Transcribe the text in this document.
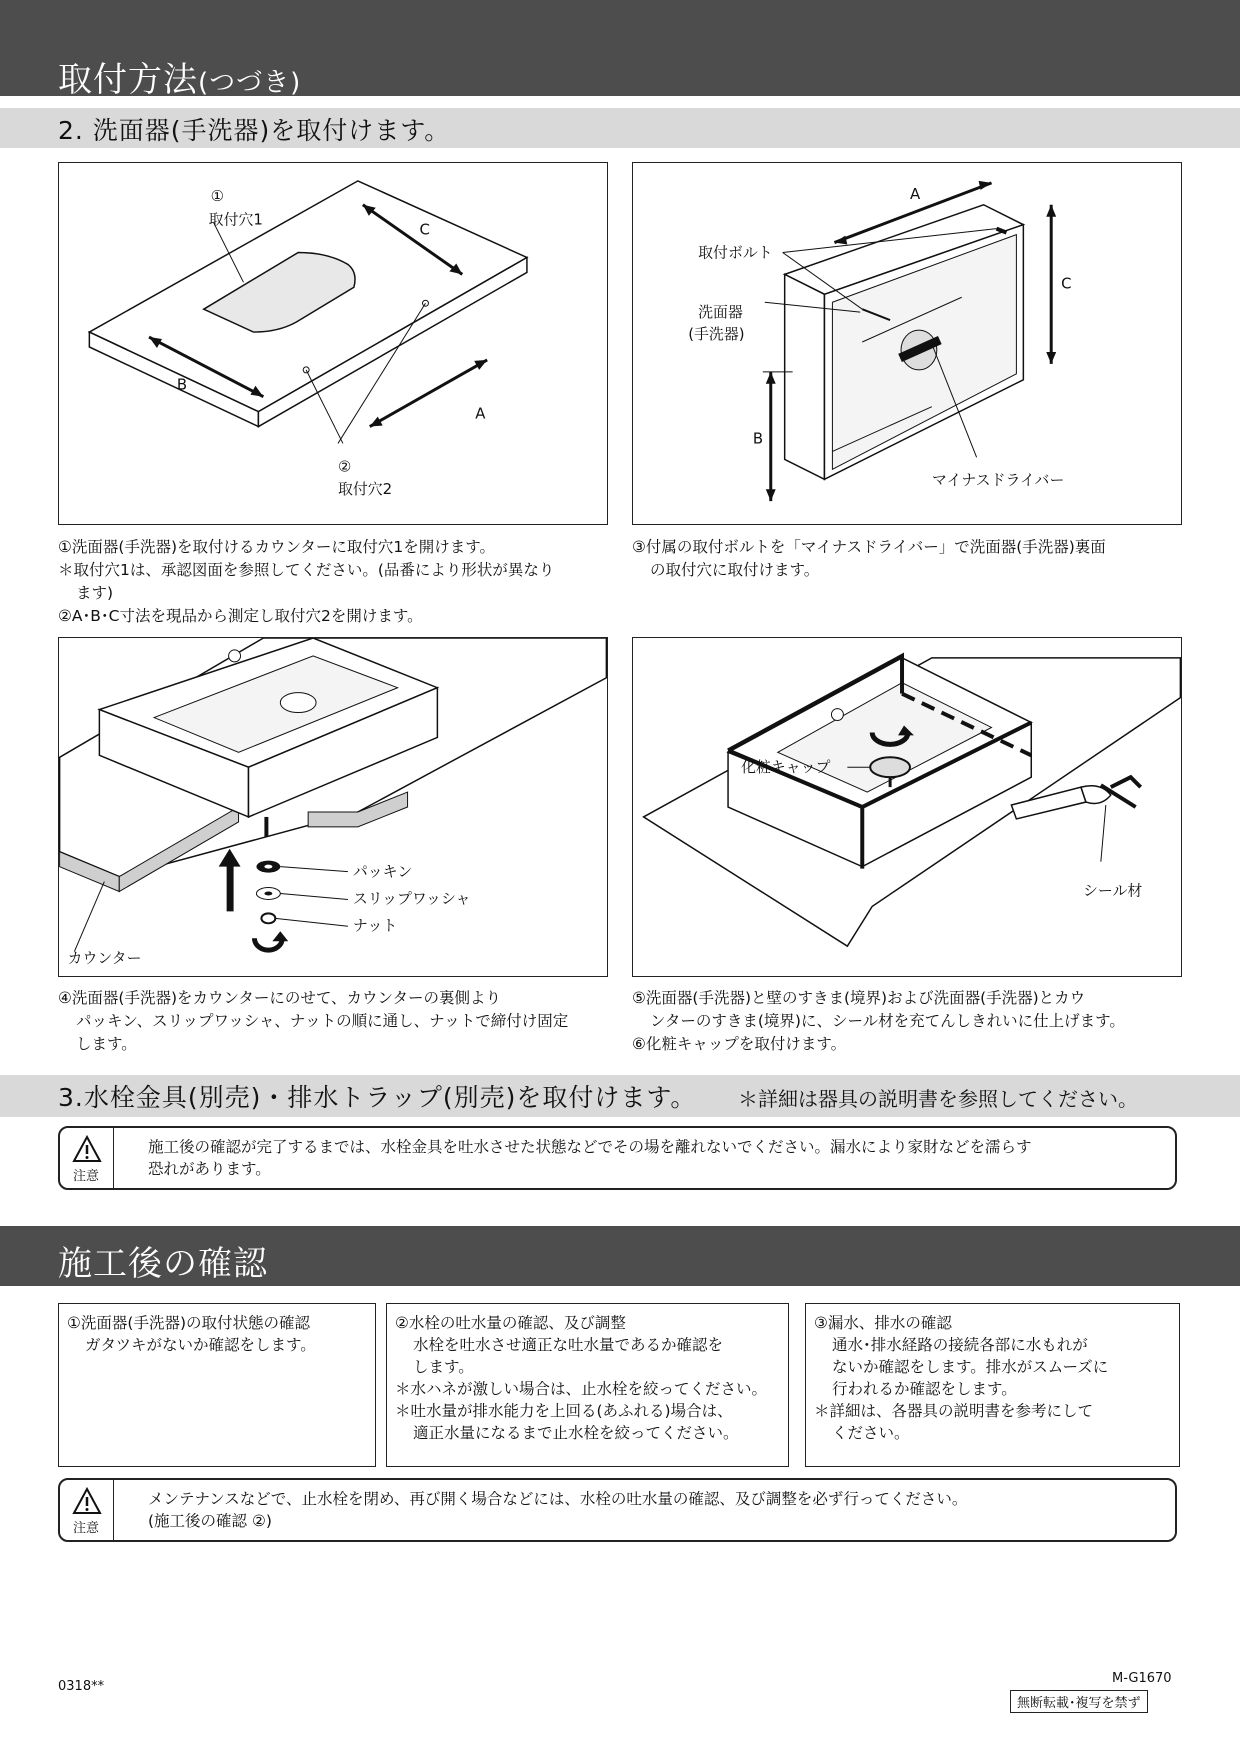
取付方法(つづき)
2. 洗面器(手洗器)を取付けます。
①
取付穴1
②
取付穴2
C
B
A
A
C
B
取付ボルト
洗面器
(手洗器)
マイナスドライバー

①洗面器(手洗器)を取付けるカウンターに取付穴1を開けます。

＊取付穴1は、承認図面を参照してください。(品番により形状が異なり

ます)

②A･B･C寸法を現品から測定し取付穴2を開けます。

③付属の取付ボルトを「マイナスドライバー」で洗面器(手洗器)裏面

の取付穴に取付けます。

パッキン
スリップワッシャ
ナット
カウンター
化粧キャップ
シール材

④洗面器(手洗器)をカウンターにのせて、カウンターの裏側より

パッキン、スリップワッシャ、ナットの順に通し、ナットで締付け固定

します。

⑤洗面器(手洗器)と壁のすきま(境界)および洗面器(手洗器)とカウ

ンターのすきま(境界)に、シール材を充てんしきれいに仕上げます。

⑥化粧キャップを取付けます。

3.水栓金具(別売)・排水トラップ(別売)を取付けます。 ＊詳細は器具の説明書を参照してください。
注意
施工後の確認が完了するまでは、水栓金具を吐水させた状態などでその場を離れないでください。漏水により家財などを濡らす
恐れがあります。
施工後の確認
①洗面器(手洗器)の取付状態の確認
ガタツキがないか確認をします。
②水栓の吐水量の確認、及び調整
水栓を吐水させ適正な吐水量であるか確認を
します。
＊水ハネが激しい場合は、止水栓を絞ってください。
＊吐水量が排水能力を上回る(あふれる)場合は、
適正水量になるまで止水栓を絞ってください。
③漏水、排水の確認
通水･排水経路の接続各部に水もれが
ないか確認をします。排水がスムーズに
行われるか確認をします。
＊詳細は、各器具の説明書を参考にして
ください。
注意
メンテナンスなどで、止水栓を閉め、再び開く場合などには、水栓の吐水量の確認、及び調整を必ず行ってください。
(施工後の確認 ②)
0318**
M-G1670
無断転載･複写を禁ず
